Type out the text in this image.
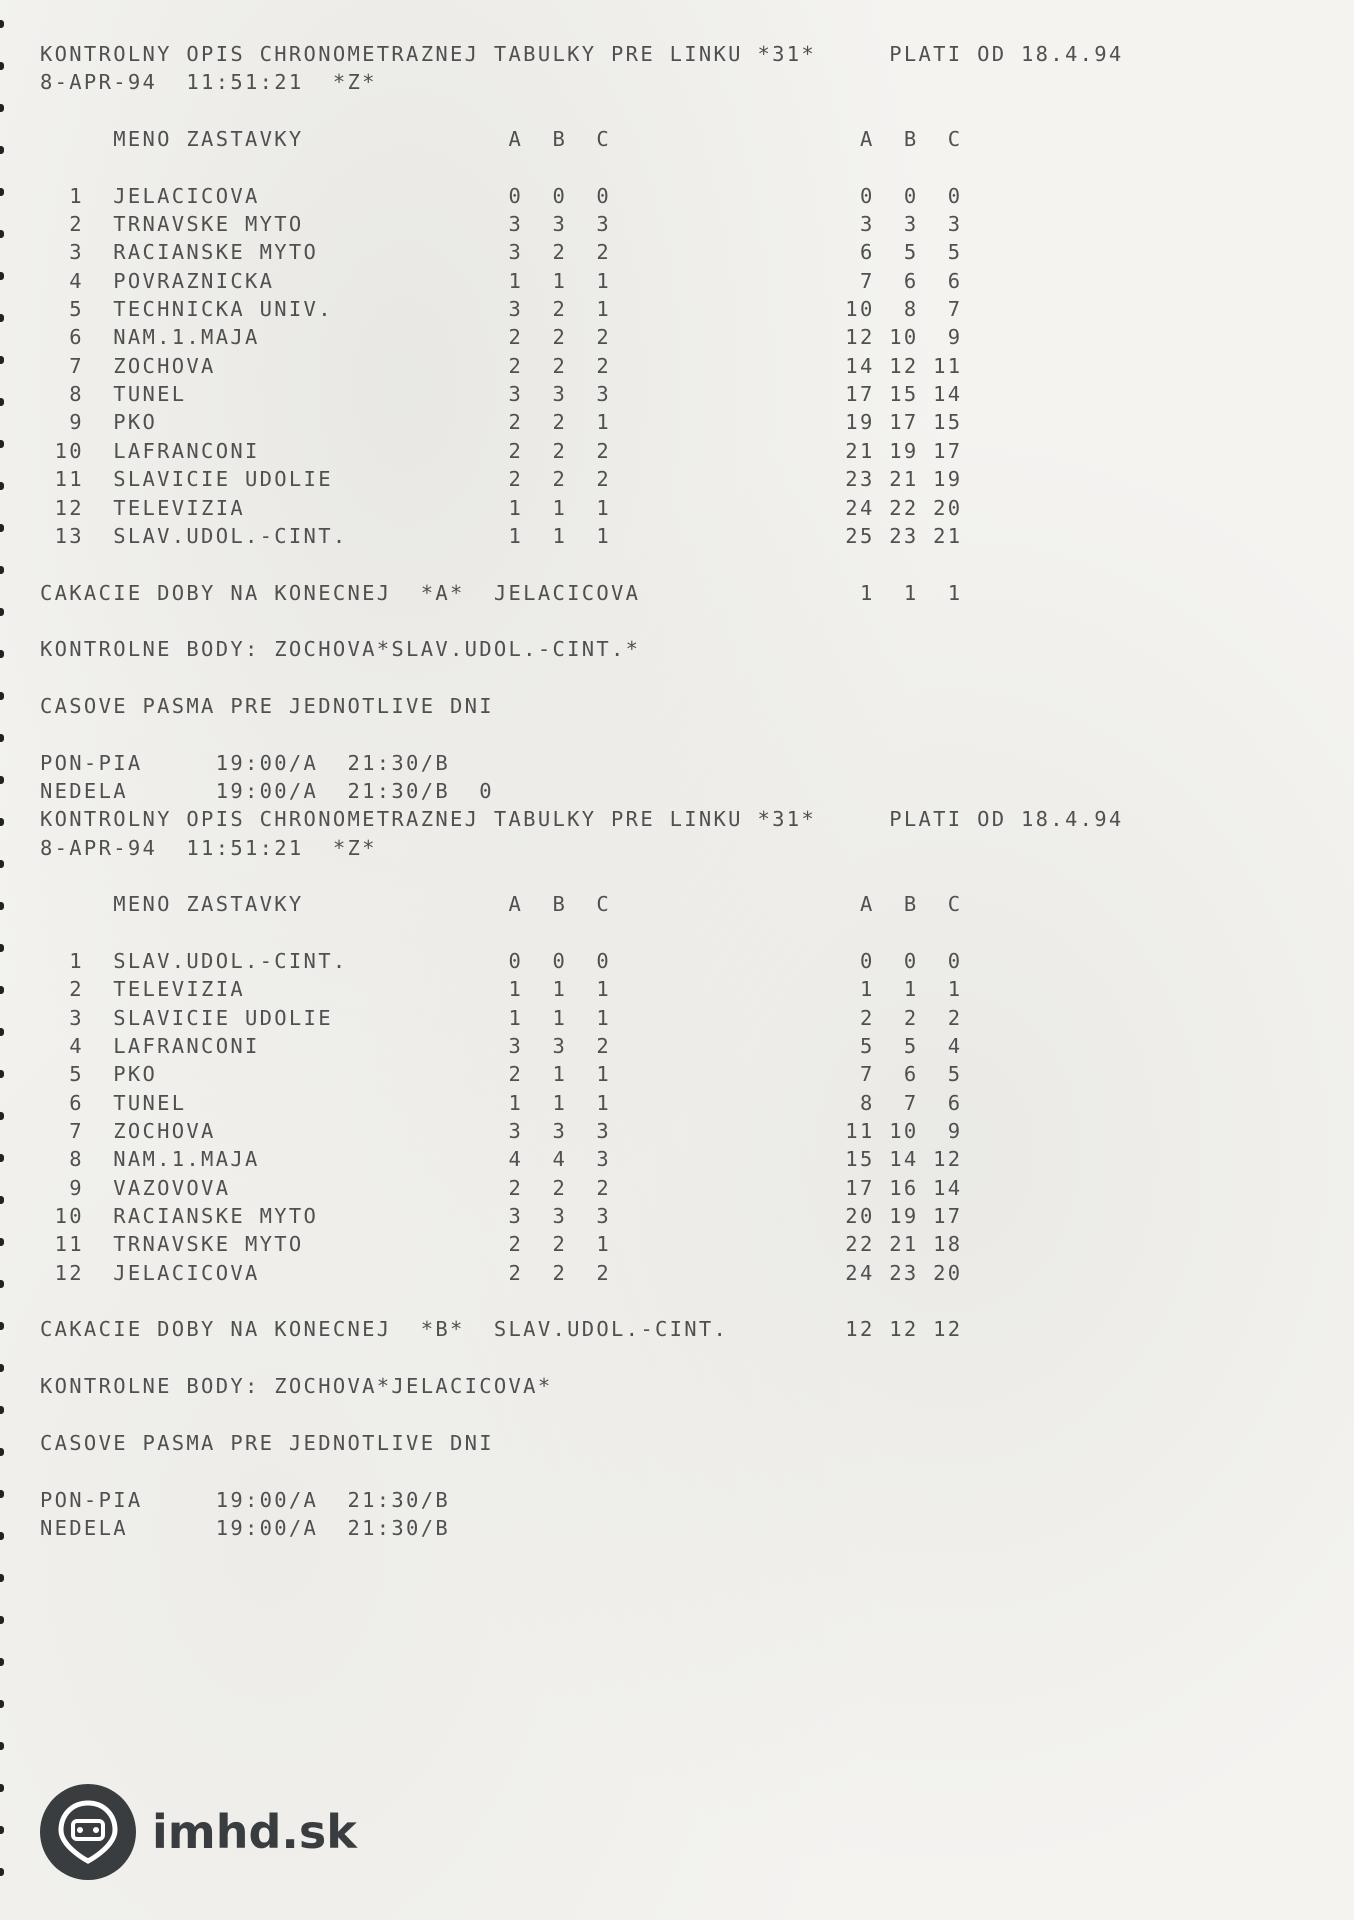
KONTROLNY OPIS CHRONOMETRAZNEJ TABULKY PRE LINKU *31*     PLATI OD 18.4.94
8-APR-94  11:51:21  *Z*
MENO ZASTAVKY              A  B  C                 A  B  C
1  JELACICOVA                 0  0  0                 0  0  0
2  TRNAVSKE MYTO              3  3  3                 3  3  3
3  RACIANSKE MYTO             3  2  2                 6  5  5
4  POVRAZNICKA                1  1  1                 7  6  6
5  TECHNICKA UNIV.            3  2  1                10  8  7
6  NAM.1.MAJA                 2  2  2                12 10  9
7  ZOCHOVA                    2  2  2                14 12 11
8  TUNEL                      3  3  3                17 15 14
9  PKO                        2  2  1                19 17 15
10  LAFRANCONI                 2  2  2                21 19 17
11  SLAVICIE UDOLIE            2  2  2                23 21 19
12  TELEVIZIA                  1  1  1                24 22 20
13  SLAV.UDOL.-CINT.           1  1  1                25 23 21
CAKACIE DOBY NA KONECNEJ  *A*  JELACICOVA               1  1  1
KONTROLNE BODY: ZOCHOVA*SLAV.UDOL.-CINT.*
CASOVE PASMA PRE JEDNOTLIVE DNI
PON-PIA     19:00/A  21:30/B
NEDELA      19:00/A  21:30/B  0
KONTROLNY OPIS CHRONOMETRAZNEJ TABULKY PRE LINKU *31*     PLATI OD 18.4.94
8-APR-94  11:51:21  *Z*
MENO ZASTAVKY              A  B  C                 A  B  C
1  SLAV.UDOL.-CINT.           0  0  0                 0  0  0
2  TELEVIZIA                  1  1  1                 1  1  1
3  SLAVICIE UDOLIE            1  1  1                 2  2  2
4  LAFRANCONI                 3  3  2                 5  5  4
5  PKO                        2  1  1                 7  6  5
6  TUNEL                      1  1  1                 8  7  6
7  ZOCHOVA                    3  3  3                11 10  9
8  NAM.1.MAJA                 4  4  3                15 14 12
9  VAZOVOVA                   2  2  2                17 16 14
10  RACIANSKE MYTO             3  3  3                20 19 17
11  TRNAVSKE MYTO              2  2  1                22 21 18
12  JELACICOVA                 2  2  2                24 23 20
CAKACIE DOBY NA KONECNEJ  *B*  SLAV.UDOL.-CINT.        12 12 12
KONTROLNE BODY: ZOCHOVA*JELACICOVA*
CASOVE PASMA PRE JEDNOTLIVE DNI
PON-PIA     19:00/A  21:30/B
NEDELA      19:00/A  21:30/B
imhd.sk
